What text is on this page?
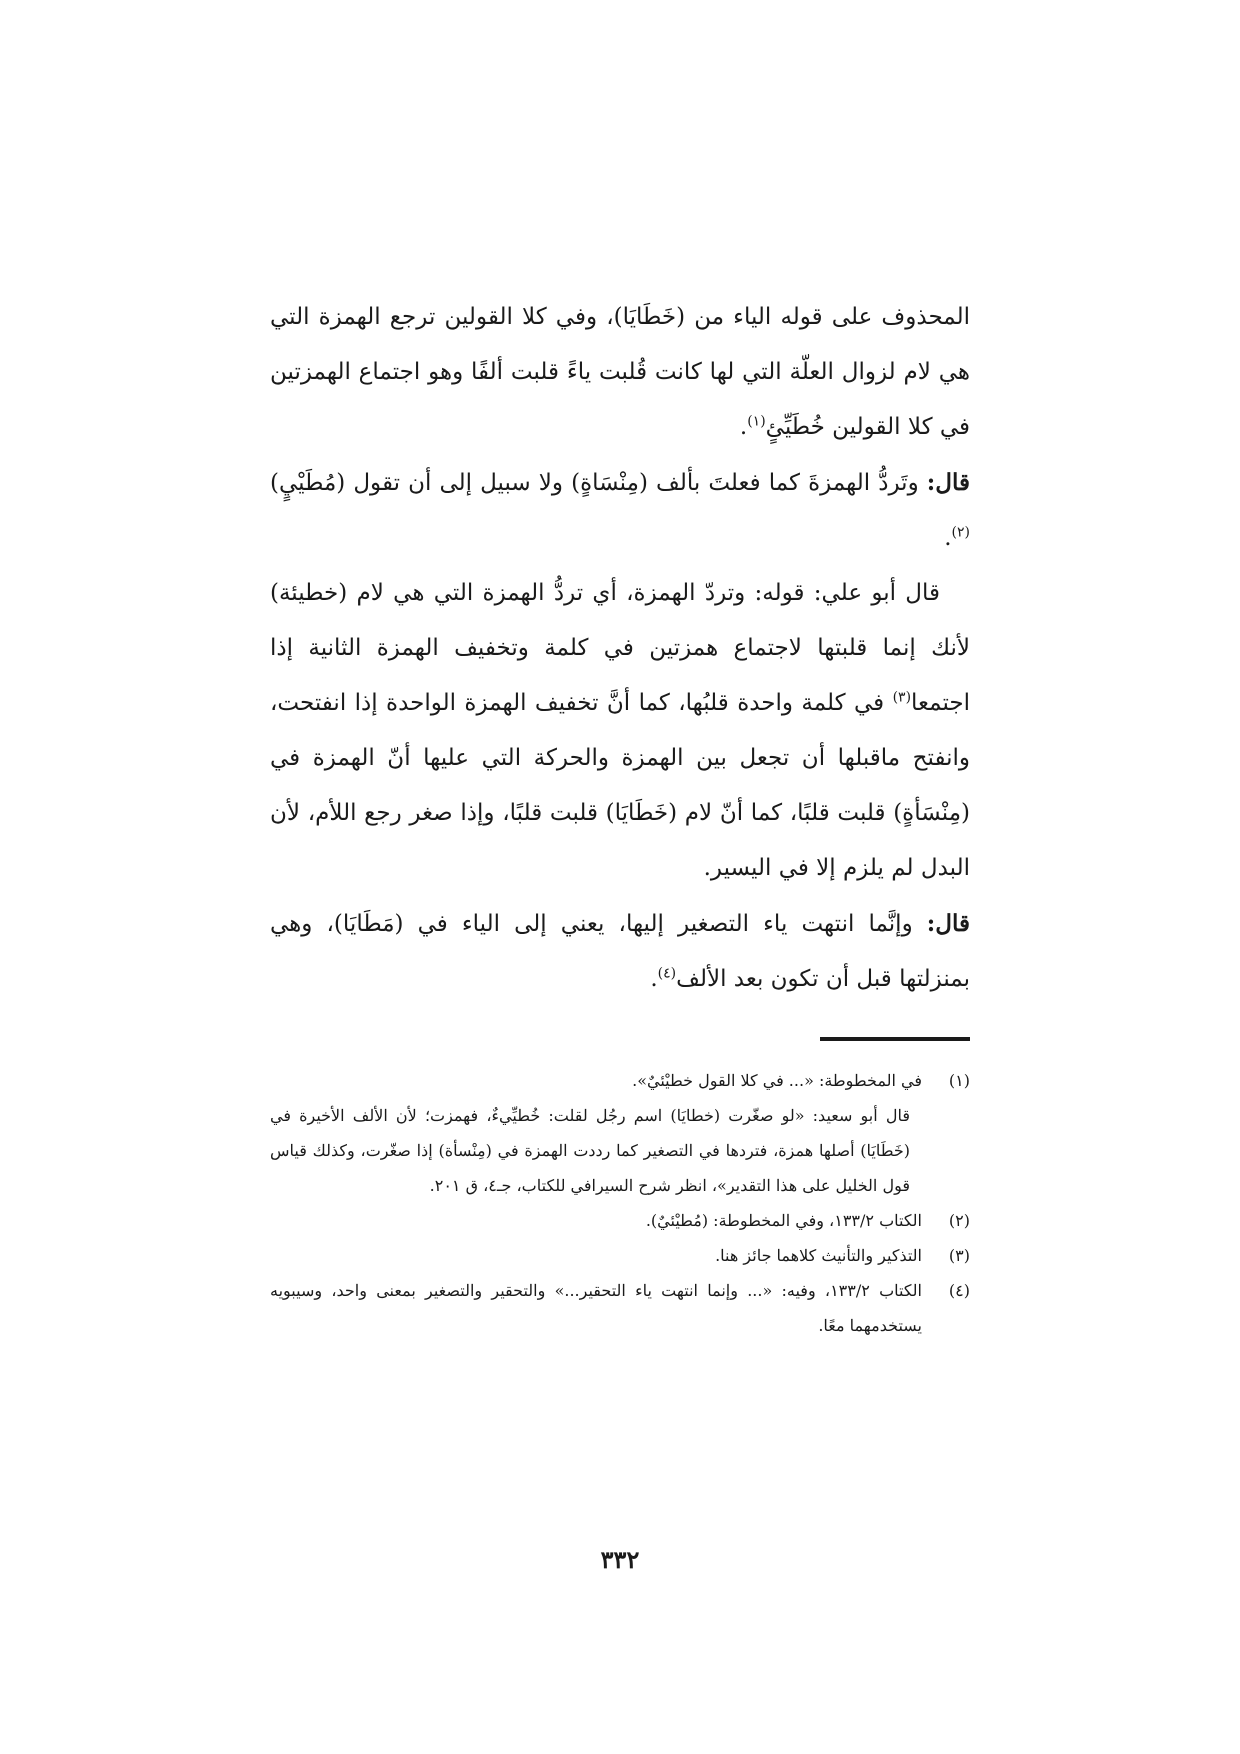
المحذوف على قوله الياء من (خَطَايَا)، وفي كلا القولين ترجع الهمزة التي هي لام لزوال العلّة التي لها كانت قُلبت ياءً قلبت ألفًا وهو اجتماع الهمزتين في كلا القولين خُطَيِّئٍ$^{(١)}$.

قال: وتَردُّ الهمزةَ كما فعلتَ بألف (مِنْسَاةٍ) ولا سبيل إلى أن تقول (مُطَيْيٍ)$^{(٢)}$.

قال أبو علي: قوله: وتردّ الهمزة، أي تردُّ الهمزة التي هي لام (خطيئة) لأنك إنما قلبتها لاجتماع همزتين في كلمة وتخفيف الهمزة الثانية إذا اجتمعا$^{(٣)}$ في كلمة واحدة قلبُها، كما أنَّ تخفيف الهمزة الواحدة إذا انفتحت، وانفتح ماقبلها أن تجعل بين الهمزة والحركة التي عليها أنّ الهمزة في (مِنْسَأةٍ) قلبت قلبًا، كما أنّ لام (خَطَايَا) قلبت قلبًا، وإذا صغر رجع اللأم، لأن البدل لم يلزم إلا في اليسير.

قال: وإنَّما انتهت ياء التصغير إليها، يعني إلى الياء في (مَطَايَا)، وهي بمنزلتها قبل أن تكون بعد الألف$^{(٤)}$.

(١)
في المخطوطة: «... في كلا القول خطيْئيٌ».
قال أبو سعيد: «لو صغّرت (خطايَا) اسم رجُل لقلت: خُطيِّيءٌ، فهمزت؛ لأن الألف الأخيرة في (خَطَايَا) أصلها همزة، فتردها في التصغير كما رددت الهمزة في (مِنْسأة) إذا صغّرت، وكذلك قياس قول الخليل على هذا التقدير»، انظر شرح السيرافي للكتاب، جـ٤، ق ٢٠١.
(٢)
الكتاب ١٣٣/٢، وفي المخطوطة: (مُطيْئيٌ).
(٣)
التذكير والتأنيث كلاهما جائز هنا.
(٤)
الكتاب ١٣٣/٢، وفيه: «... وإنما انتهت ياء التحقير...» والتحقير والتصغير بمعنى واحد، وسيبويه يستخدمهما معًا.
٣٣٢
